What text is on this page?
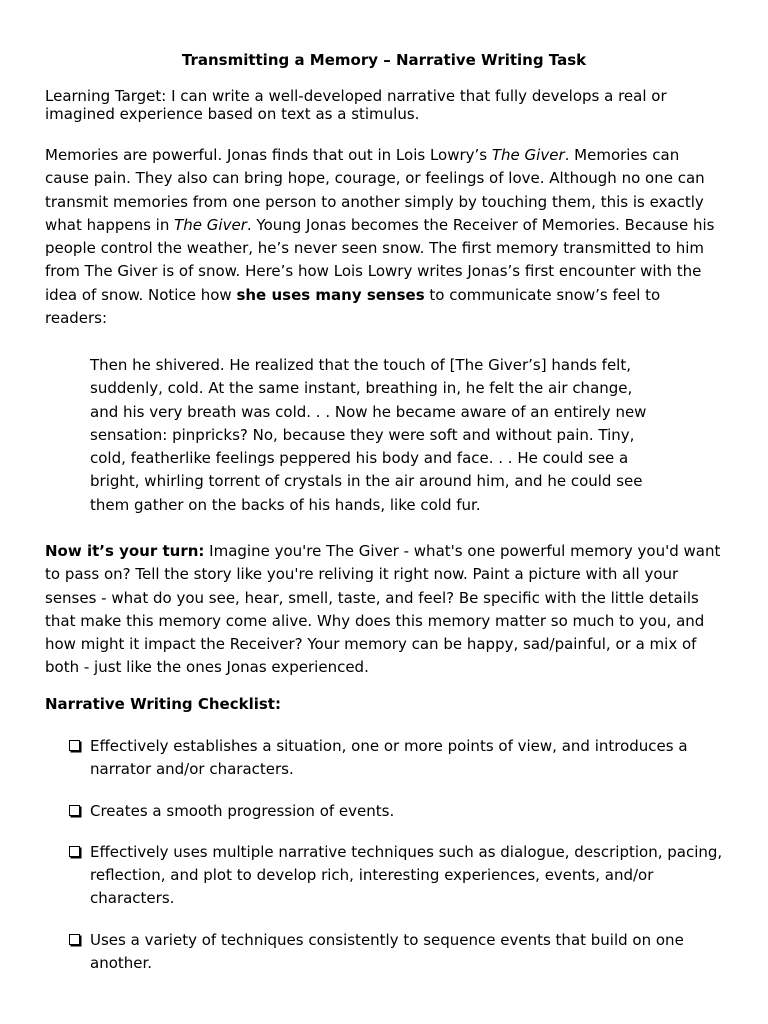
Transmitting a Memory – Narrative Writing Task

Learning Target: I can write a well-developed narrative that fully develops a real or imagined experience based on text as a stimulus.

Memories are powerful. Jonas finds that out in Lois Lowry’s The Giver. Memories can cause pain. They also can bring hope, courage, or feelings of love. Although no one can transmit memories from one person to another simply by touching them, this is exactly what happens in The Giver. Young Jonas becomes the Receiver of Memories. Because his people control the weather, he’s never seen snow. The first memory transmitted to him from The Giver is of snow. Here’s how Lois Lowry writes Jonas’s first encounter with the idea of snow. Notice how she uses many senses to communicate snow’s feel to readers:

Then he shivered. He realized that the touch of [The Giver’s] hands felt, suddenly, cold. At the same instant, breathing in, he felt the air change, and his very breath was cold. . . Now he became aware of an entirely new sensation: pinpricks? No, because they were soft and without pain. Tiny, cold, featherlike feelings peppered his body and face. . . He could see a bright, whirling torrent of crystals in the air around him, and he could see them gather on the backs of his hands, like cold fur.

Now it’s your turn: Imagine you're The Giver - what's one powerful memory you'd want to pass on? Tell the story like you're reliving it right now. Paint a picture with all your senses - what do you see, hear, smell, taste, and feel? Be specific with the little details that make this memory come alive. Why does this memory matter so much to you, and how might it impact the Receiver? Your memory can be happy, sad/painful, or a mix of both - just like the ones Jonas experienced.

Narrative Writing Checklist:

Effectively establishes a situation, one or more points of view, and introduces a narrator and/or characters.
Creates a smooth progression of events.
Effectively uses multiple narrative techniques such as dialogue, description, pacing, reflection, and plot to develop rich, interesting experiences, events, and/or characters.
Uses a variety of techniques consistently to sequence events that build on one another.
